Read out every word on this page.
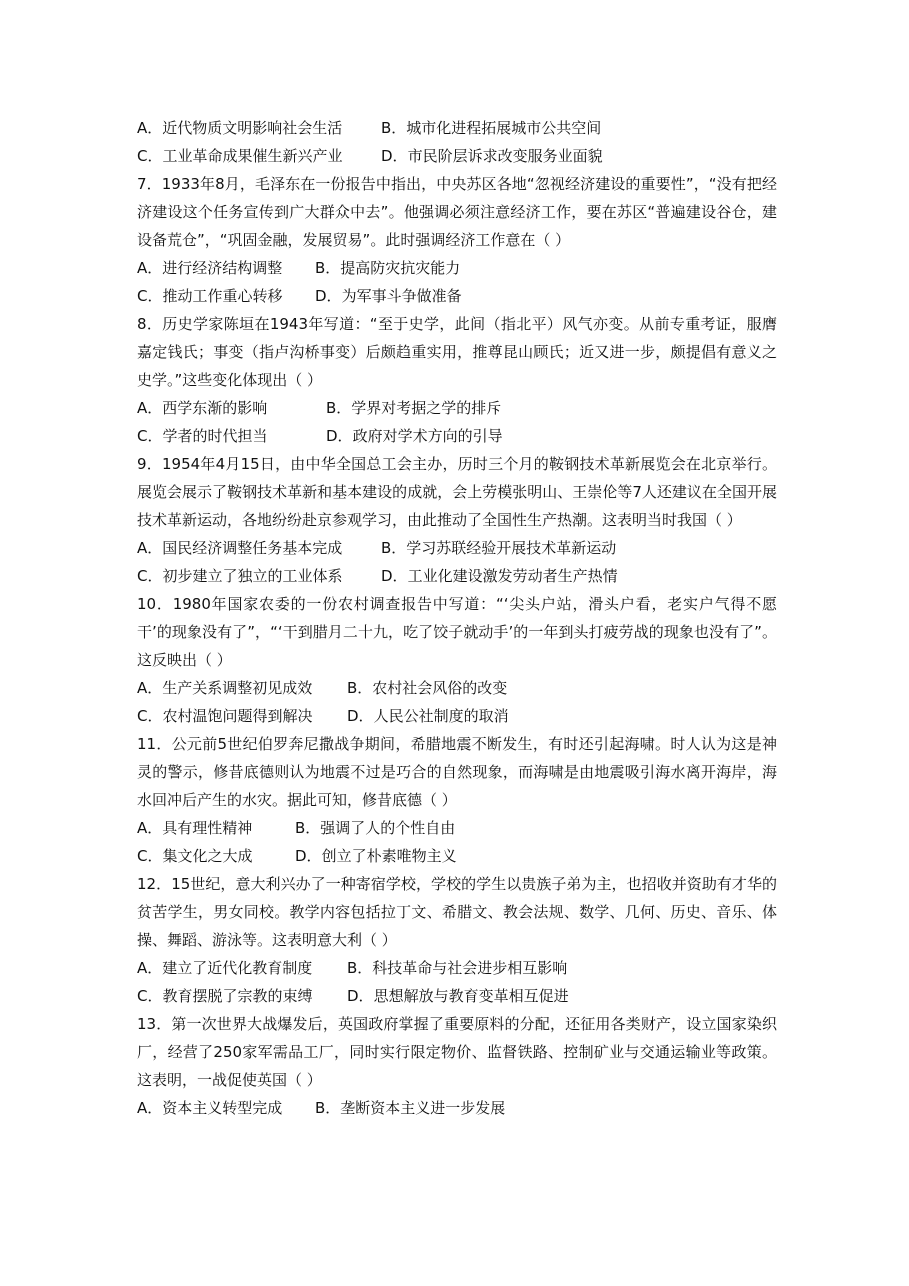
A．近代物质文明影响社会生活	B．城市化进程拓展城市公共空间
C．工业革命成果催生新兴产业	D．市民阶层诉求改变服务业面貌

7．1933年8月，毛泽东在一份报告中指出，中央苏区各地“忽视经济建设的重要性”，“没有把经济建设这个任务宣传到广大群众中去”。他强调必须注意经济工作，要在苏区“普遍建设谷仓，建设备荒仓”，“巩固金融，发展贸易”。此时强调经济工作意在（ ）

A．进行经济结构调整	B．提高防灾抗灾能力
C．推动工作重心转移	D．为军事斗争做准备

8．历史学家陈垣在1943年写道：“至于史学，此间（指北平）风气亦变。从前专重考证，服膺嘉定钱氏；事变（指卢沟桥事变）后颇趋重实用，推尊昆山顾氏；近又进一步，颇提倡有意义之史学。”这些变化体现出（ ）

A．西学东渐的影响	B．学界对考据之学的排斥
C．学者的时代担当	D．政府对学术方向的引导

9．1954年4月15日，由中华全国总工会主办，历时三个月的鞍钢技术革新展览会在北京举行。展览会展示了鞍钢技术革新和基本建设的成就，会上劳模张明山、王崇伦等7人还建议在全国开展技术革新运动，各地纷纷赴京参观学习，由此推动了全国性生产热潮。这表明当时我国（ ）

A．国民经济调整任务基本完成	B．学习苏联经验开展技术革新运动
C．初步建立了独立的工业体系	D．工业化建设激发劳动者生产热情

10．1980年国家农委的一份农村调查报告中写道：“‘尖头户站，滑头户看，老实户气得不愿干’的现象没有了”，“‘干到腊月二十九，吃了饺子就动手’的一年到头打疲劳战的现象也没有了”。这反映出（ ）

A．生产关系调整初见成效	B．农村社会风俗的改变
C．农村温饱问题得到解决	D．人民公社制度的取消

11．公元前5世纪伯罗奔尼撒战争期间，希腊地震不断发生，有时还引起海啸。时人认为这是神灵的警示，修昔底德则认为地震不过是巧合的自然现象，而海啸是由地震吸引海水离开海岸，海水回冲后产生的水灾。据此可知，修昔底德（ ）

A．具有理性精神	B．强调了人的个性自由
C．集文化之大成	D．创立了朴素唯物主义

12．15世纪，意大利兴办了一种寄宿学校，学校的学生以贵族子弟为主，也招收并资助有才华的贫苦学生，男女同校。教学内容包括拉丁文、希腊文、教会法规、数学、几何、历史、音乐、体操、舞蹈、游泳等。这表明意大利（ ）

A．建立了近代化教育制度	B．科技革命与社会进步相互影响
C．教育摆脱了宗教的束缚	D．思想解放与教育变革相互促进

13．第一次世界大战爆发后，英国政府掌握了重要原料的分配，还征用各类财产，设立国家染织厂，经营了250家军需品工厂，同时实行限定物价、监督铁路、控制矿业与交通运输业等政策。这表明，一战促使英国（ ）

A．资本主义转型完成	B．垄断资本主义进一步发展
